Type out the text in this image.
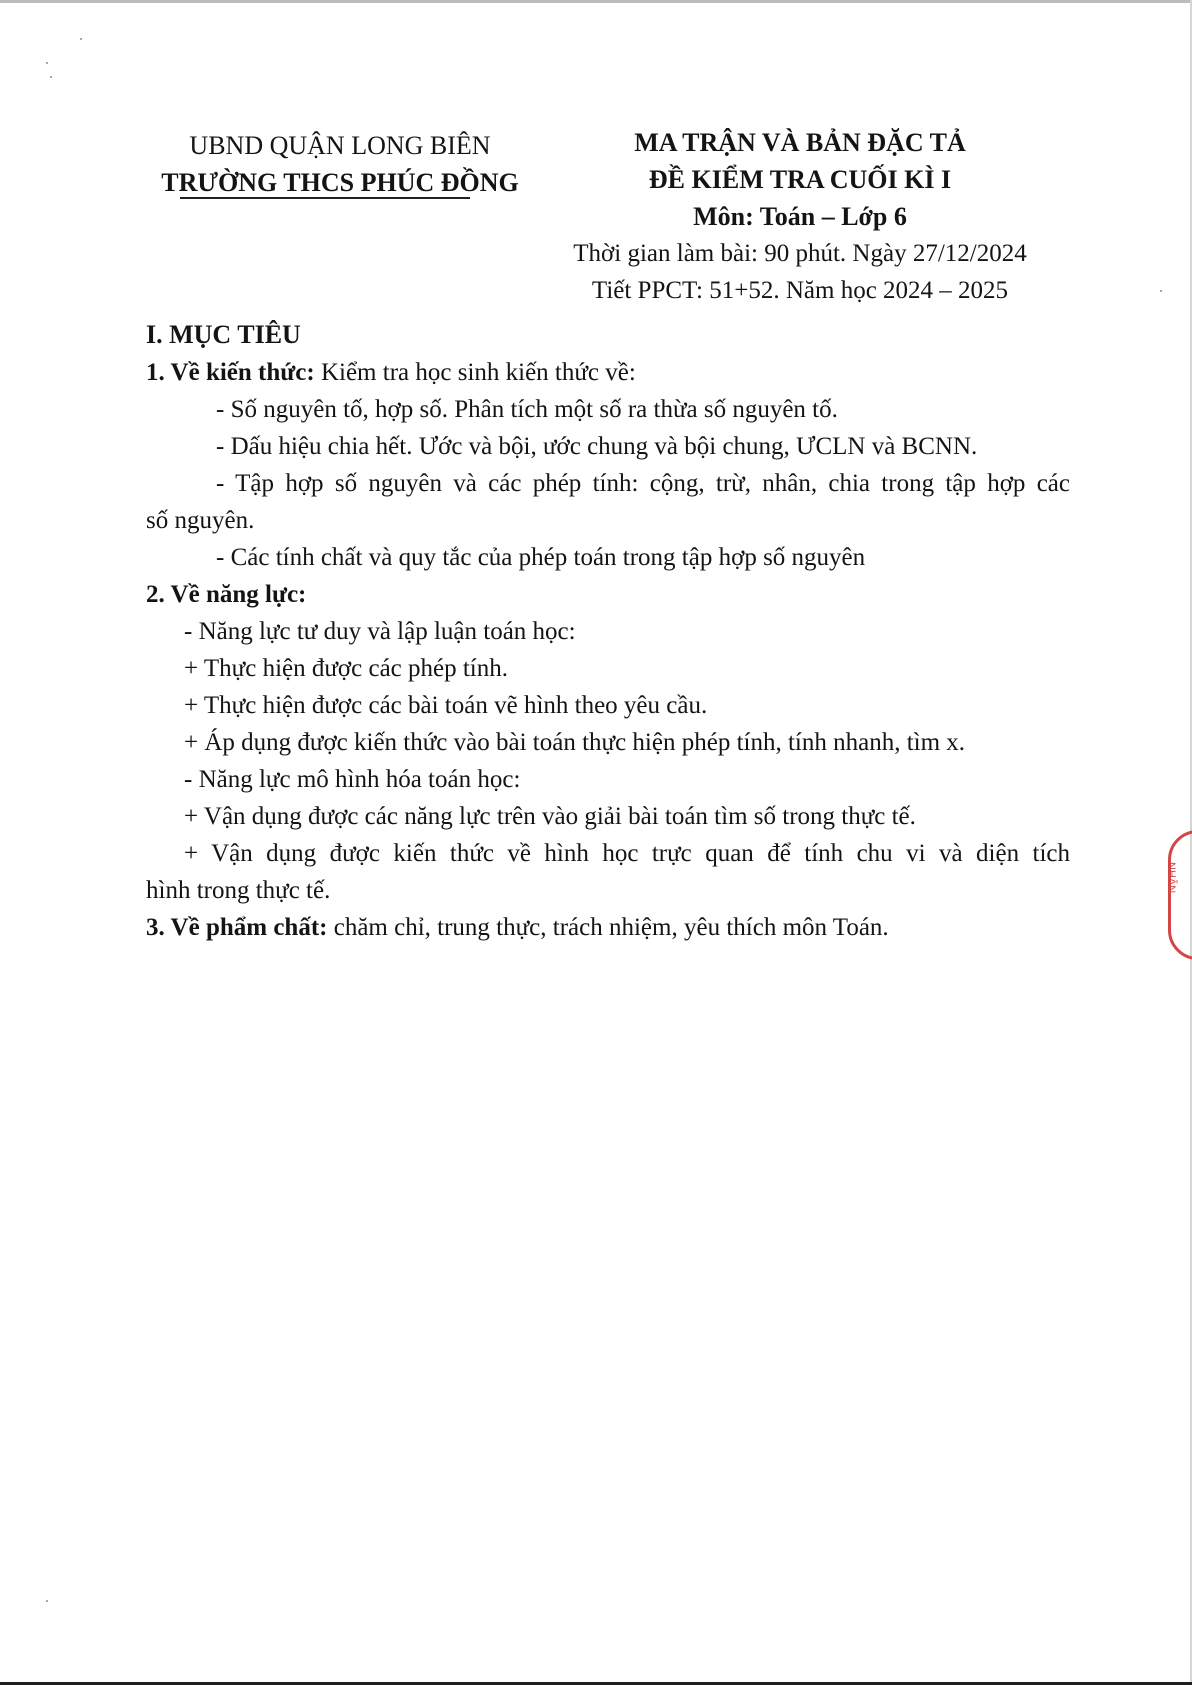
UBND QUẬN LONG BIÊN
TRƯỜNG THCS PHÚC ĐỒNG
MA TRẬN VÀ BẢN ĐẶC TẢ
ĐỀ KIỂM TRA CUỐI KÌ I
Môn: Toán – Lớp 6
Thời gian làm bài: 90 phút. Ngày 27/12/2024
Tiết PPCT: 51+52. Năm học 2024 – 2025
I. MỤC TIÊU
1. Về kiến thức: Kiểm tra học sinh kiến thức về:
- Số nguyên tố, hợp số. Phân tích một số ra thừa số nguyên tố.
- Dấu hiệu chia hết. Ước và bội, ước chung và bội chung, ƯCLN và BCNN.
- Tập hợp số nguyên và các phép tính: cộng, trừ, nhân, chia trong tập hợp các
số nguyên.
- Các tính chất và quy tắc của phép toán trong tập hợp số nguyên
2. Về năng lực:
- Năng lực tư duy và lập luận toán học:
+ Thực hiện được các phép tính.
+ Thực hiện được các bài toán vẽ hình theo yêu cầu.
+ Áp dụng được kiến thức vào bài toán thực hiện phép tính, tính nhanh, tìm x.
- Năng lực mô hình hóa toán học:
+ Vận dụng được các năng lực trên vào giải bài toán tìm số trong thực tế.
+ Vận dụng được kiến thức về hình học trực quan để tính chu vi và diện tích
hình trong thực tế.
3. Về phẩm chất: chăm chỉ, trung thực, trách nhiệm, yêu thích môn Toán.
NHÂN
